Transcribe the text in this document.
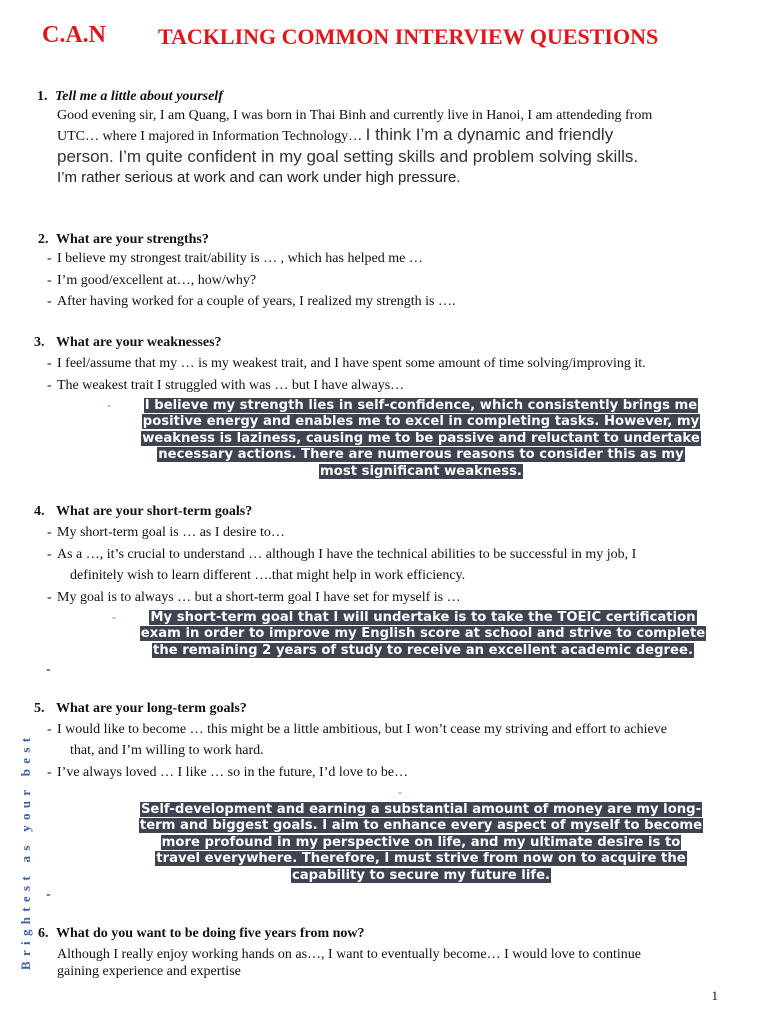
C.A.N TACKLING COMMON INTERVIEW QUESTIONS
1. Tell me a little about yourself
Good evening sir, I am Quang, I was born in Thai Binh and currently live in Hanoi, I am attendeding from
UTC… where I majored in Information Technology… I think I’m a dynamic and friendly
person. I’m quite confident in my goal setting skills and problem solving skills.
I’m rather serious at work and can work under high pressure.
2. What are your strengths?
- I believe my strongest trait/ability is … , which has helped me …
- I’m good/excellent at…, how/why?
- After having worked for a couple of years, I realized my strength is ….
3. What are your weaknesses?
- I feel/assume that my … is my weakest trait, and I have spent some amount of time solving/improving it.
- The weakest trait I struggled with was … but I have always…
-	I believe my strength lies in self-confidence, which consistently brings me
positive energy and enables me to excel in completing tasks. However, my
weakness is laziness, causing me to be passive and reluctant to undertake
necessary actions. There are numerous reasons to consider this as my
most significant weakness.
4. What are your short-term goals?
- My short-term goal is … as I desire to…
- As a …, it’s crucial to understand … although I have the technical abilities to be successful in my job, I
definitely wish to learn different ….that might help in work efficiency.
- My goal is to always … but a short-term goal I have set for myself is …
-	My short-term goal that I will undertake is to take the TOEIC certification
exam in order to improve my English score at school and strive to complete
the remaining 2 years of study to receive an excellent academic degree.
-
5. What are your long-term goals?
- I would like to become … this might be a little ambitious, but I won’t cease my striving and effort to achieve
that, and I’m willing to work hard.
- I’ve always loved … I like … so in the future, I’d love to be…
-
Self-development and earning a substantial amount of money are my long-
term and biggest goals. I aim to enhance every aspect of myself to become
more profound in my perspective on life, and my ultimate desire is to
travel everywhere. Therefore, I must strive from now on to acquire the
capability to secure my future life.
-
6. What do you want to be doing five years from now?
Although I really enjoy working hands on as…, I want to eventually become… I would love to continue
gaining experience and expertise
Brightest as your best
1
